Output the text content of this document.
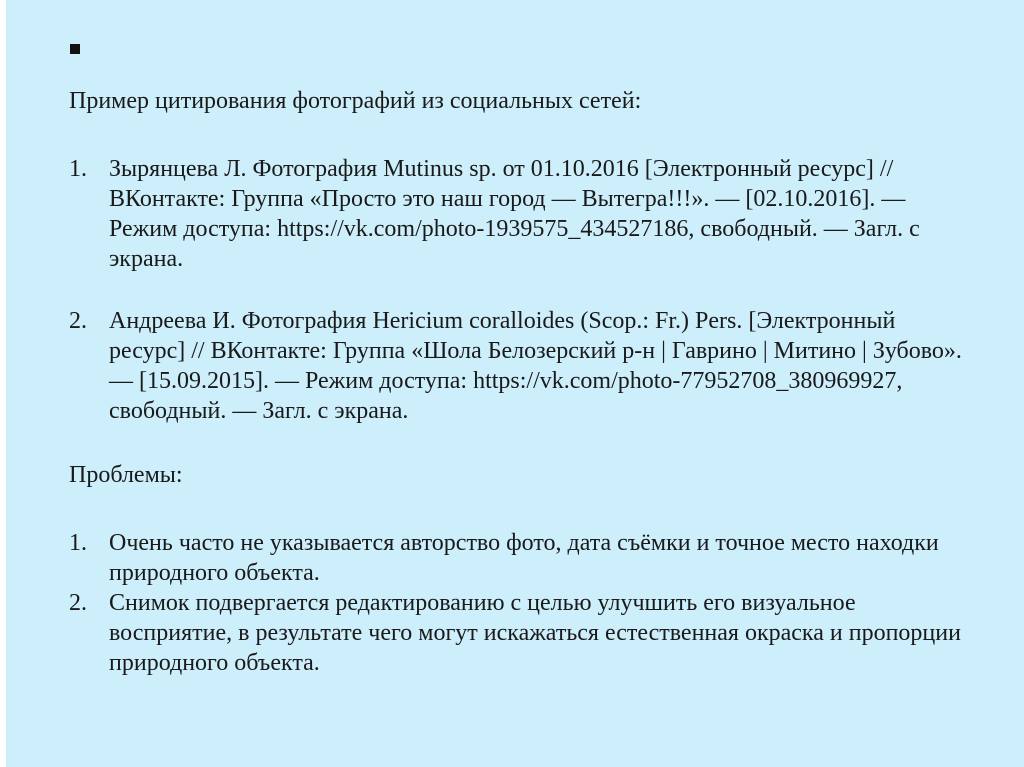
Пример цитирования фотографий из социальных сетей:

1. Зырянцева Л. Фотография Mutinus sp. от 01.10.2016 [Электронный ресурс] // ВКонтакте: Группа «Просто это наш город — Вытегра!!!». — [02.10.2016]. — Режим доступа: https://vk.com/photo-1939575_434527186, свободный. — Загл. с экрана.
2. Андреева И. Фотография Hericium coralloides (Scop.: Fr.) Pers. [Электронный ресурс] // ВКонтакте: Группа «Шола Белозерский р-н | Гаврино | Митино | Зубово». — [15.09.2015]. — Режим доступа: https://vk.com/photo-77952708_380969927, свободный. — Загл. с экрана.

Проблемы:

1. Очень часто не указывается авторство фото, дата съёмки и точное место находки природного объекта.
2. Снимок подвергается редактированию с целью улучшить его визуальное восприятие, в результате чего могут искажаться естественная окраска и пропорции природного объекта.
